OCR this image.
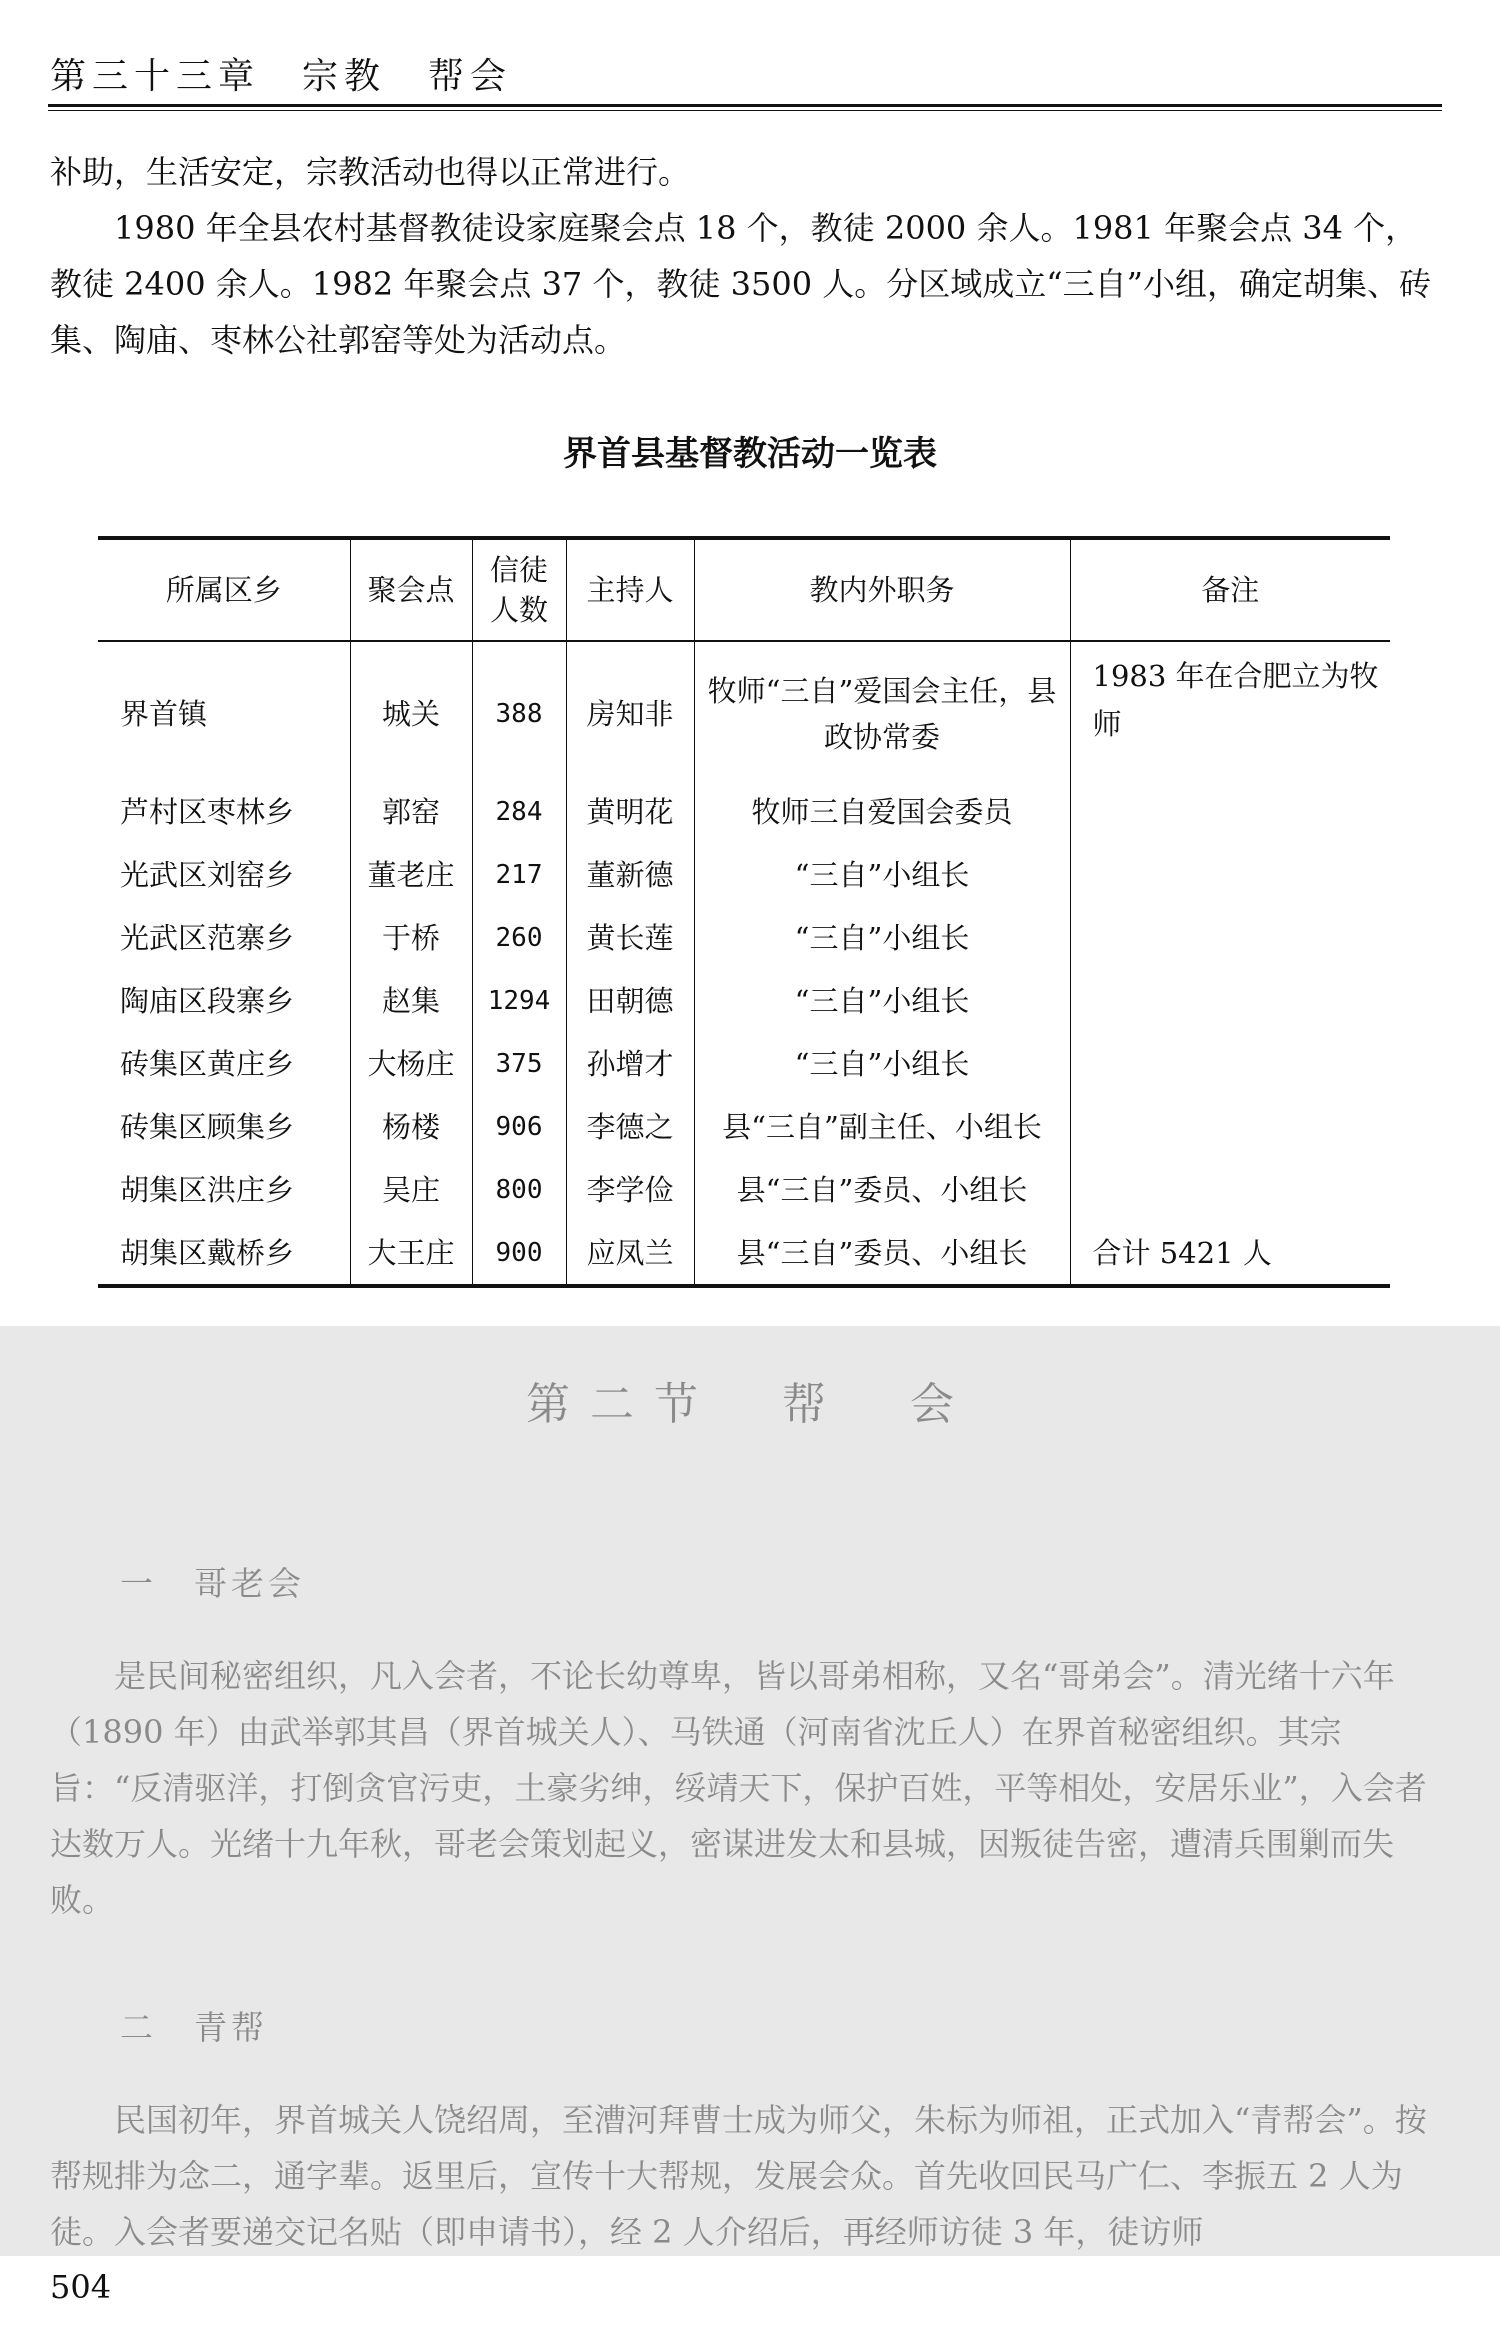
第三十三章　宗教　帮会

补助，生活安定，宗教活动也得以正常进行。

1980 年全县农村基督教徒设家庭聚会点 18 个，教徒 2000 余人。1981 年聚会点 34 个，教徒 2400 余人。1982 年聚会点 37 个，教徒 3500 人。分区域成立“三自”小组，确定胡集、砖集、陶庙、枣林公社郭窑等处为活动点。

界首县基督教活动一览表
所属区乡	聚会点	信徒人数	主持人	教内外职务	备注
界首镇	城关	388	房知非	牧师“三自”爱国会主任，县政协常委	1983 年在合肥立为牧师
芦村区枣林乡	郭窑	284	黄明花	牧师三自爱国会委员	
光武区刘窑乡	董老庄	217	董新德	“三自”小组长	
光武区范寨乡	于桥	260	黄长莲	“三自”小组长	
陶庙区段寨乡	赵集	1294	田朝德	“三自”小组长	
砖集区黄庄乡	大杨庄	375	孙增才	“三自”小组长	
砖集区顾集乡	杨楼	906	李德之	县“三自”副主任、小组长	
胡集区洪庄乡	吴庄	800	李学俭	县“三自”委员、小组长	
胡集区戴桥乡	大王庄	900	应凤兰	县“三自”委员、小组长	合计 5421 人
第二节　帮　会
一　哥老会

是民间秘密组织，凡入会者，不论长幼尊卑，皆以哥弟相称，又名“哥弟会”。清光绪十六年（1890 年）由武举郭其昌（界首城关人）、马铁通（河南省沈丘人）在界首秘密组织。其宗旨：“反清驱洋，打倒贪官污吏，土豪劣绅，绥靖天下，保护百姓，平等相处，安居乐业”，入会者达数万人。光绪十九年秋，哥老会策划起义，密谋进发太和县城，因叛徒告密，遭清兵围剿而失败。

二　青帮

民国初年，界首城关人饶绍周，至漕河拜曹士成为师父，朱标为师祖，正式加入“青帮会”。按帮规排为念二，通字辈。返里后，宣传十大帮规，发展会众。首先收回民马广仁、李振五 2 人为徒。入会者要递交记名贴（即申请书），经 2 人介绍后，再经师访徒 3 年，徒访师

504
